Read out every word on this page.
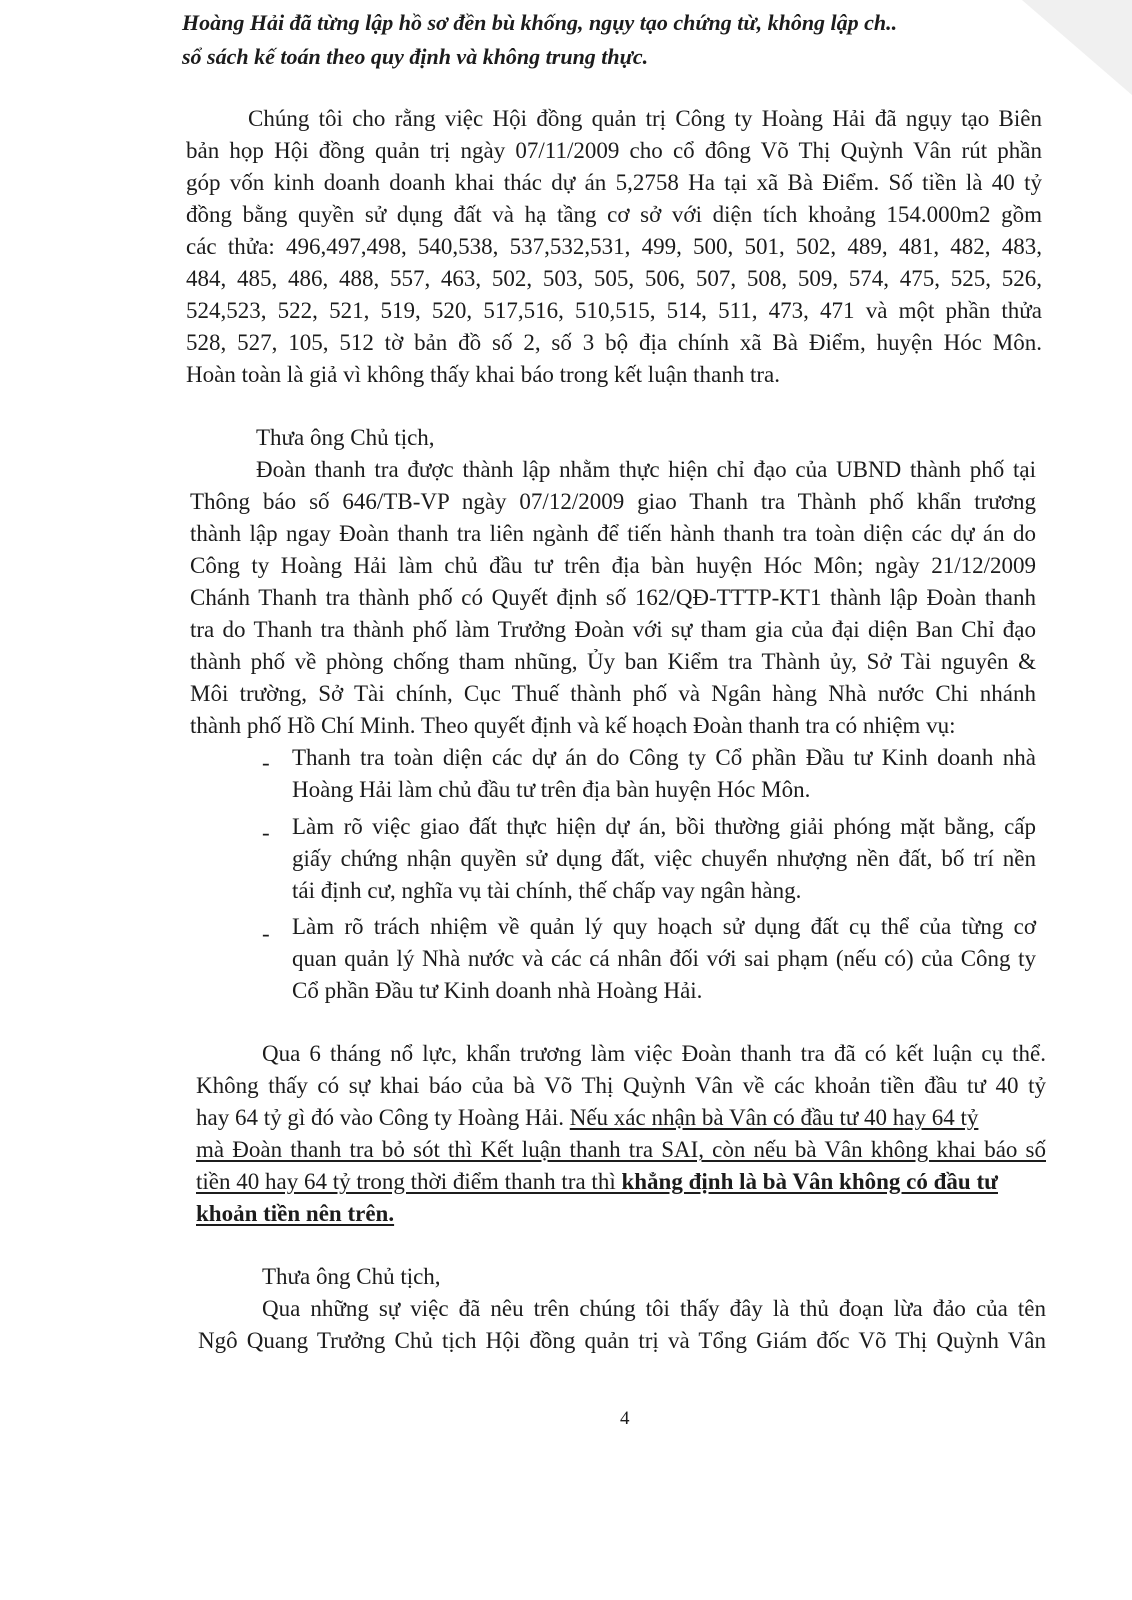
Hoàng Hải đã từng lập hồ sơ đền bù khống, ngụy tạo chứng từ, không lập ch..

sổ sách kế toán theo quy định và không trung thực.

Chúng tôi cho rằng việc Hội đồng quản trị Công ty Hoàng Hải đã ngụy tạo Biên

bản họp Hội đồng quản trị ngày 07/11/2009 cho cổ đông Võ Thị Quỳnh Vân rút phần

góp vốn kinh doanh doanh khai thác dự án 5,2758 Ha tại xã Bà Điểm. Số tiền là 40 tỷ

đồng bằng quyền sử dụng đất và hạ tầng cơ sở với diện tích khoảng 154.000m2 gồm

các thửa: 496,497,498, 540,538, 537,532,531, 499, 500, 501, 502, 489, 481, 482, 483,

484, 485, 486, 488, 557, 463, 502, 503, 505, 506, 507, 508, 509, 574, 475, 525, 526,

524,523, 522, 521, 519, 520, 517,516, 510,515, 514, 511, 473, 471 và một phần thửa

528, 527, 105, 512 tờ bản đồ số 2, số 3 bộ địa chính xã Bà Điểm, huyện Hóc Môn.

Hoàn toàn là giả vì không thấy khai báo trong kết luận thanh tra.

Thưa ông Chủ tịch,

Đoàn thanh tra được thành lập nhằm thực hiện chỉ đạo của UBND thành phố tại

Thông báo số 646/TB-VP ngày 07/12/2009 giao Thanh tra Thành phố khẩn trương

thành lập ngay Đoàn thanh tra liên ngành để tiến hành thanh tra toàn diện các dự án do

Công ty Hoàng Hải làm chủ đầu tư trên địa bàn huyện Hóc Môn; ngày 21/12/2009

Chánh Thanh tra thành phố có Quyết định số 162/QĐ-TTTP-KT1 thành lập Đoàn thanh

tra do Thanh tra thành phố làm Trưởng Đoàn với sự tham gia của đại diện Ban Chỉ đạo

thành phố về phòng chống tham nhũng, Ủy ban Kiểm tra Thành ủy, Sở Tài nguyên &

Môi trường, Sở Tài chính, Cục Thuế thành phố và Ngân hàng Nhà nước Chi nhánh

thành phố Hồ Chí Minh. Theo quyết định và kế hoạch Đoàn thanh tra có nhiệm vụ:

- Thanh tra toàn diện các dự án do Công ty Cổ phần Đầu tư Kinh doanh nhà

Hoàng Hải làm chủ đầu tư trên địa bàn huyện Hóc Môn.

- Làm rõ việc giao đất thực hiện dự án, bồi thường giải phóng mặt bằng, cấp

giấy chứng nhận quyền sử dụng đất, việc chuyển nhượng nền đất, bố trí nền

tái định cư, nghĩa vụ tài chính, thế chấp vay ngân hàng.

- Làm rõ trách nhiệm về quản lý quy hoạch sử dụng đất cụ thể của từng cơ

quan quản lý Nhà nước và các cá nhân đối với sai phạm (nếu có) của Công ty

Cổ phần Đầu tư Kinh doanh nhà Hoàng Hải.

Qua 6 tháng nổ lực, khẩn trương làm việc Đoàn thanh tra đã có kết luận cụ thể.

Không thấy có sự khai báo của bà Võ Thị Quỳnh Vân về các khoản tiền đầu tư 40 tỷ

hay 64 tỷ gì đó vào Công ty Hoàng Hải. Nếu xác nhận bà Vân có đầu tư 40 hay 64 tỷ

mà Đoàn thanh tra bỏ sót thì Kết luận thanh tra SAI, còn nếu bà Vân không khai báo số

tiền 40 hay 64 tỷ trong thời điểm thanh tra thì khẳng định là bà Vân không có đầu tư

khoản tiền nên trên.

Thưa ông Chủ tịch,

Qua những sự việc đã nêu trên chúng tôi thấy đây là thủ đoạn lừa đảo của tên

Ngô Quang Trưởng Chủ tịch Hội đồng quản trị và Tổng Giám đốc Võ Thị Quỳnh Vân

4
